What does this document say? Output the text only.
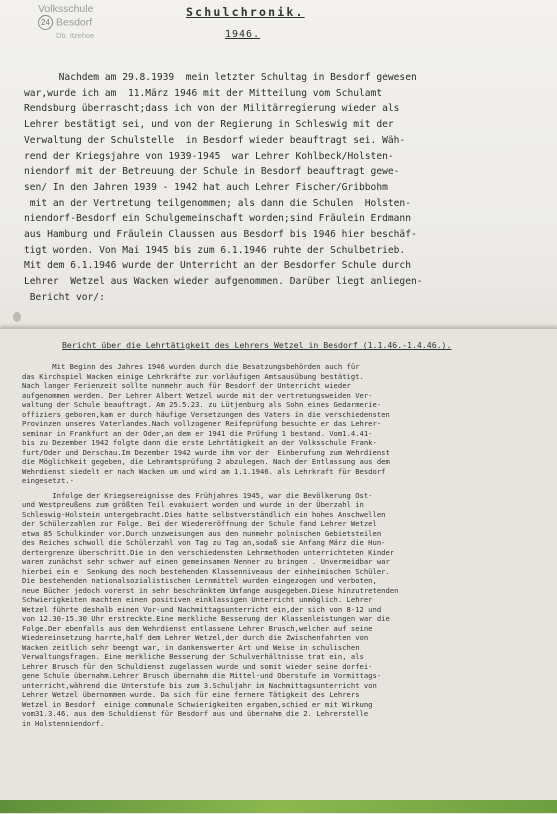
Volksschule
24 Besdorf
Db. Itzehoe
Schulchronik.
1946.
Nachdem am 29.8.1939  mein letzter Schultag in Besdorf gewesen
war,wurde ich am  11.März 1946 mit der Mitteilung vom Schulamt
Rendsburg überrascht;dass ich von der Militärregierung wieder als
Lehrer bestätigt sei, und von der Regierung in Schleswig mit der
Verwaltung der Schulstelle  in Besdorf wieder beauftragt sei. Wäh-
rend der Kriegsjahre von 1939-1945  war Lehrer Kohlbeck/Holsten-
niendorf mit der Betreuung der Schule in Besdorf beauftragt gewe-
sen/ In den Jahren 1939 - 1942 hat auch Lehrer Fischer/Gribbohm
mit an der Vertretung teilgenommen; als dann die Schulen  Holsten-
niendorf-Besdorf ein Schulgemeinschaft worden;sind Fräulein Erdmann
aus Hamburg und Fräulein Claussen aus Besdorf bis 1946 hier beschäf-
tigt worden. Von Mai 1945 bis zum 6.1.1946 ruhte der Schulbetrieb.
Mit dem 6.1.1946 wurde der Unterricht an der Besdorfer Schule durch
Lehrer  Wetzel aus Wacken wieder aufgenommen. Darüber liegt anliegen-
Bericht vor/:
Bericht über die Lehrtätigkeit des Lehrers Wetzel in Besdorf (1.1.46.-1.4.46.).
Mit Beginn des Jahres 1946 wurden durch die Besatzungsbehörden auch für
das Kirchspiel Wacken einige Lehrkräfte zur vorläufigen Amtsausübung bestätigt.
Nach langer Ferienzeit sollte nunmehr auch für Besdorf der Unterricht wieder
aufgenommen werden. Der Lehrer Albert Wetzel wurde mit der vertretungsweiden Ver-
waltung der Schule beauftragt. Am 25.5.23. zu Lütjenburg als Sohn eines Gedarmerie-
offiziers geboren,kam er durch häufige Versetzungen des Vaters in die verschiedensten
Provinzen unseres Vaterlandes.Nach vollzogener Reifeprüfung besuchte er das Lehrer-
seminar in Frankfurt an der Oder,an dem er 1941 die Prüfung 1 bestand. Vom1.4.41-
bis zu Dezember 1942 folgte dann die erste Lehrtätigkeit an der Volksschule Frank-
furt/Oder und Derschau.Im Dezember 1942 wurde ihm vor der  Einberufung zum Wehrdienst
die Möglichkeit gegeben, die Lehramtsprüfung 2 abzulegen. Nach der Entlassung aus dem
Wehrdienst siedelt er nach Wacken um und wird am 1.1.1946. als Lehrkraft für Besdorf
eingesetzt.-
Infolge der Kriegsereignisse des Frühjahres 1945, war die Bevölkerung Ost-
und Westpreußens zum größten Teil evakuiert worden und wurde in der Überzahl in
Schleswig-Holstein untergebracht.Dies hatte selbstverständlich ein hohes Anschwellen
der Schülerzahlen zur Folge. Bei der Wiedereröffnung der Schule fand Lehrer Wetzel
etwa 85 Schulkinder vor.Durch unzweisungen aus den nunmehr polnischen Gebietsteilen
des Reiches schwoll die Schülerzahl von Tag zu Tag an,sodaß sie Anfang März die Hun-
dertergrenze überschritt.Die in den verschiedensten Lehrmethoden unterrichteten Kinder
waren zunächst sehr schwer auf einen gemeinsamen Nenner zu bringen . Unvermeidbar war
hierbei ein e  Senkung des noch bestehenden Klassenniveaus der einheimischen Schüler.
Die bestehenden nationalsozialistischen Lernmittel wurden eingezogen und verboten,
neue Bücher jedoch vorerst in sehr beschränktem Umfange ausgegeben.Diese hinzutretenden
Schwierigkeiten machten einen positiven einklassigen Unterricht unmöglich. Lehrer
Wetzel führte deshalb einen Vor-und Nachmittagsunterricht ein,der sich von 8-12 und
von 12.30-15.30 Uhr erstreckte.Eine merkliche Besserung der Klassenleistungen war die
Folge.Der ebenfalls aus dem Wehrdienst entlassene Lehrer Brusch,welcher auf seine
Wiedereinsetzung harrte,half dem Lehrer Wetzel,der durch die Zwischenfahrten von
Wacken zeitlich sehr beengt war, in dankenswerter Art und Weise in schulischen
Verwaltungsfragen. Eine merkliche Besserung der Schulverhältnisse trat ein, als
Lehrer Brusch für den Schuldienst zugelassen wurde und somit wieder seine dorfei-
gene Schule übernahm.Lehrer Brusch übernahm die Mittel-und Oberstufe im Vormittags-
unterricht,während die Unterstufe bis zum 3.Schuljahr im Nachmittagsunterricht von
Lehrer Wetzel übernommen wurde. Da sich für eine fernere Tätigkeit des Lehrers
Wetzel in Besdorf  einige communale Schwierigkeiten ergaben,schied er mit Wirkung
vom31.3.46. aus dem Schuldienst für Besdorf aus und übernahm die 2. Lehrerstelle
in Holstenniendorf.
